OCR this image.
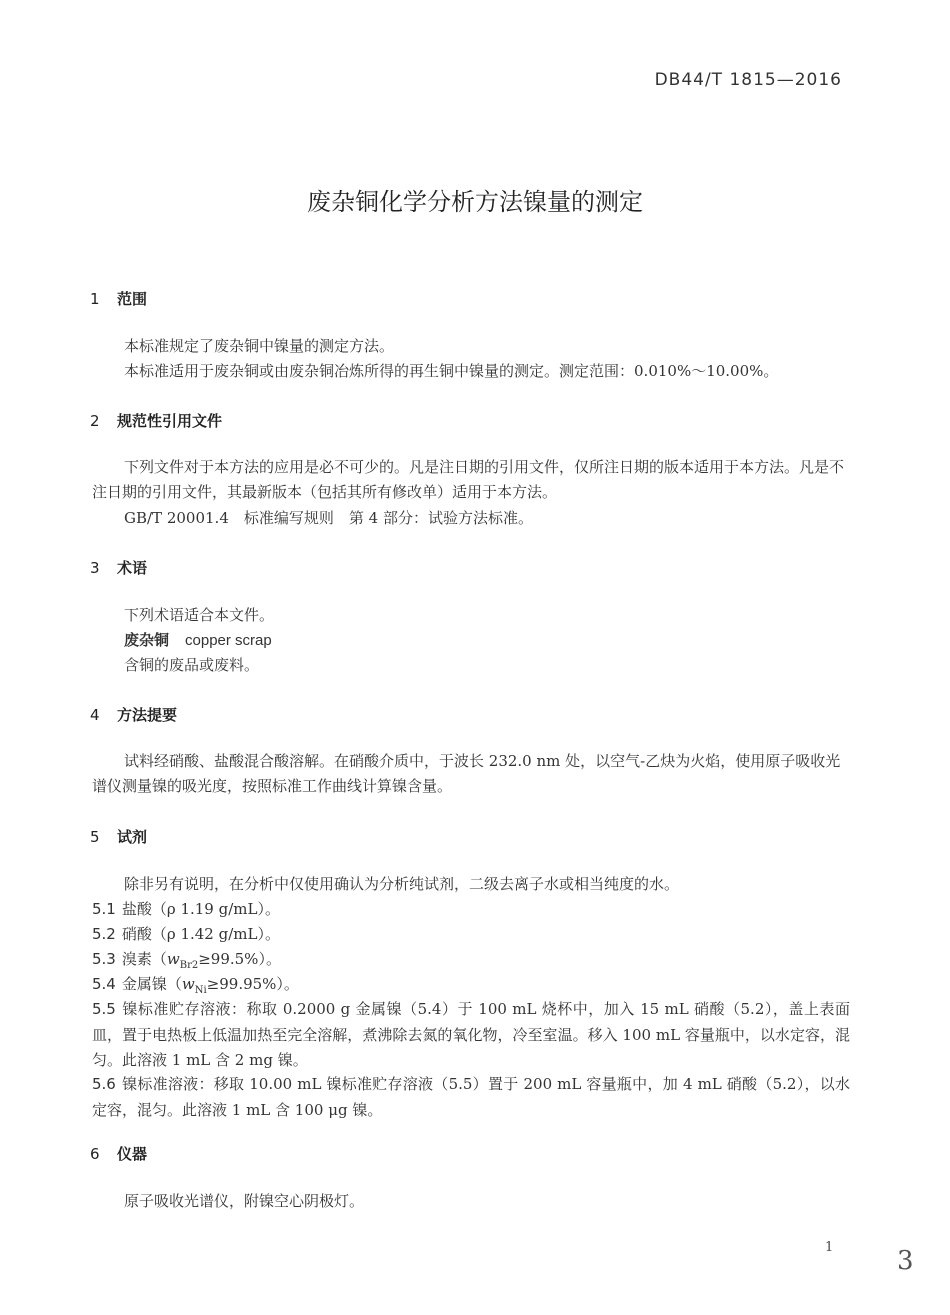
DB44/T 1815—2016
废杂铜化学分析方法镍量的测定
1 范围
本标准规定了废杂铜中镍量的测定方法。
本标准适用于废杂铜或由废杂铜冶炼所得的再生铜中镍量的测定。测定范围：0.010%～10.00%。
2 规范性引用文件
下列文件对于本方法的应用是必不可少的。凡是注日期的引用文件，仅所注日期的版本适用于本方法。凡是不注日期的引用文件，其最新版本（包括其所有修改单）适用于本方法。
GB/T 20001.4　标准编写规则　第 4 部分：试验方法标准。
3 术语
下列术语适合本文件。
废杂铜 copper scrap
含铜的废品或废料。
4 方法提要
试料经硝酸、盐酸混合酸溶解。在硝酸介质中，于波长 232.0 nm 处，以空气-乙炔为火焰，使用原子吸收光谱仪测量镍的吸光度，按照标准工作曲线计算镍含量。
5 试剂
除非另有说明，在分析中仅使用确认为分析纯试剂，二级去离子水或相当纯度的水。
5.1 盐酸（ρ 1.19 g/mL）。
5.2 硝酸（ρ 1.42 g/mL）。
5.3 溴素$(w_{Br2}\ge 99.5\%)$。
5.4 金属镍$(w_{Ni}\ge 99.95\%)$。
5.5 镍标准贮存溶液：称取 0.2000 g 金属镍（5.4）于 100 mL 烧杯中，加入 15 mL 硝酸（5.2），盖上表面皿，置于电热板上低温加热至完全溶解，煮沸除去氮的氧化物，冷至室温。移入 100 mL 容量瓶中，以水定容，混匀。此溶液 1 mL 含 2 mg 镍。
5.6 镍标准溶液：移取 10.00 mL 镍标准贮存溶液（5.5）置于 200 mL 容量瓶中，加 4 mL 硝酸（5.2），以水定容，混匀。此溶液 1 mL 含 100 μg 镍。
6 仪器
原子吸收光谱仪，附镍空心阴极灯。
1 3
